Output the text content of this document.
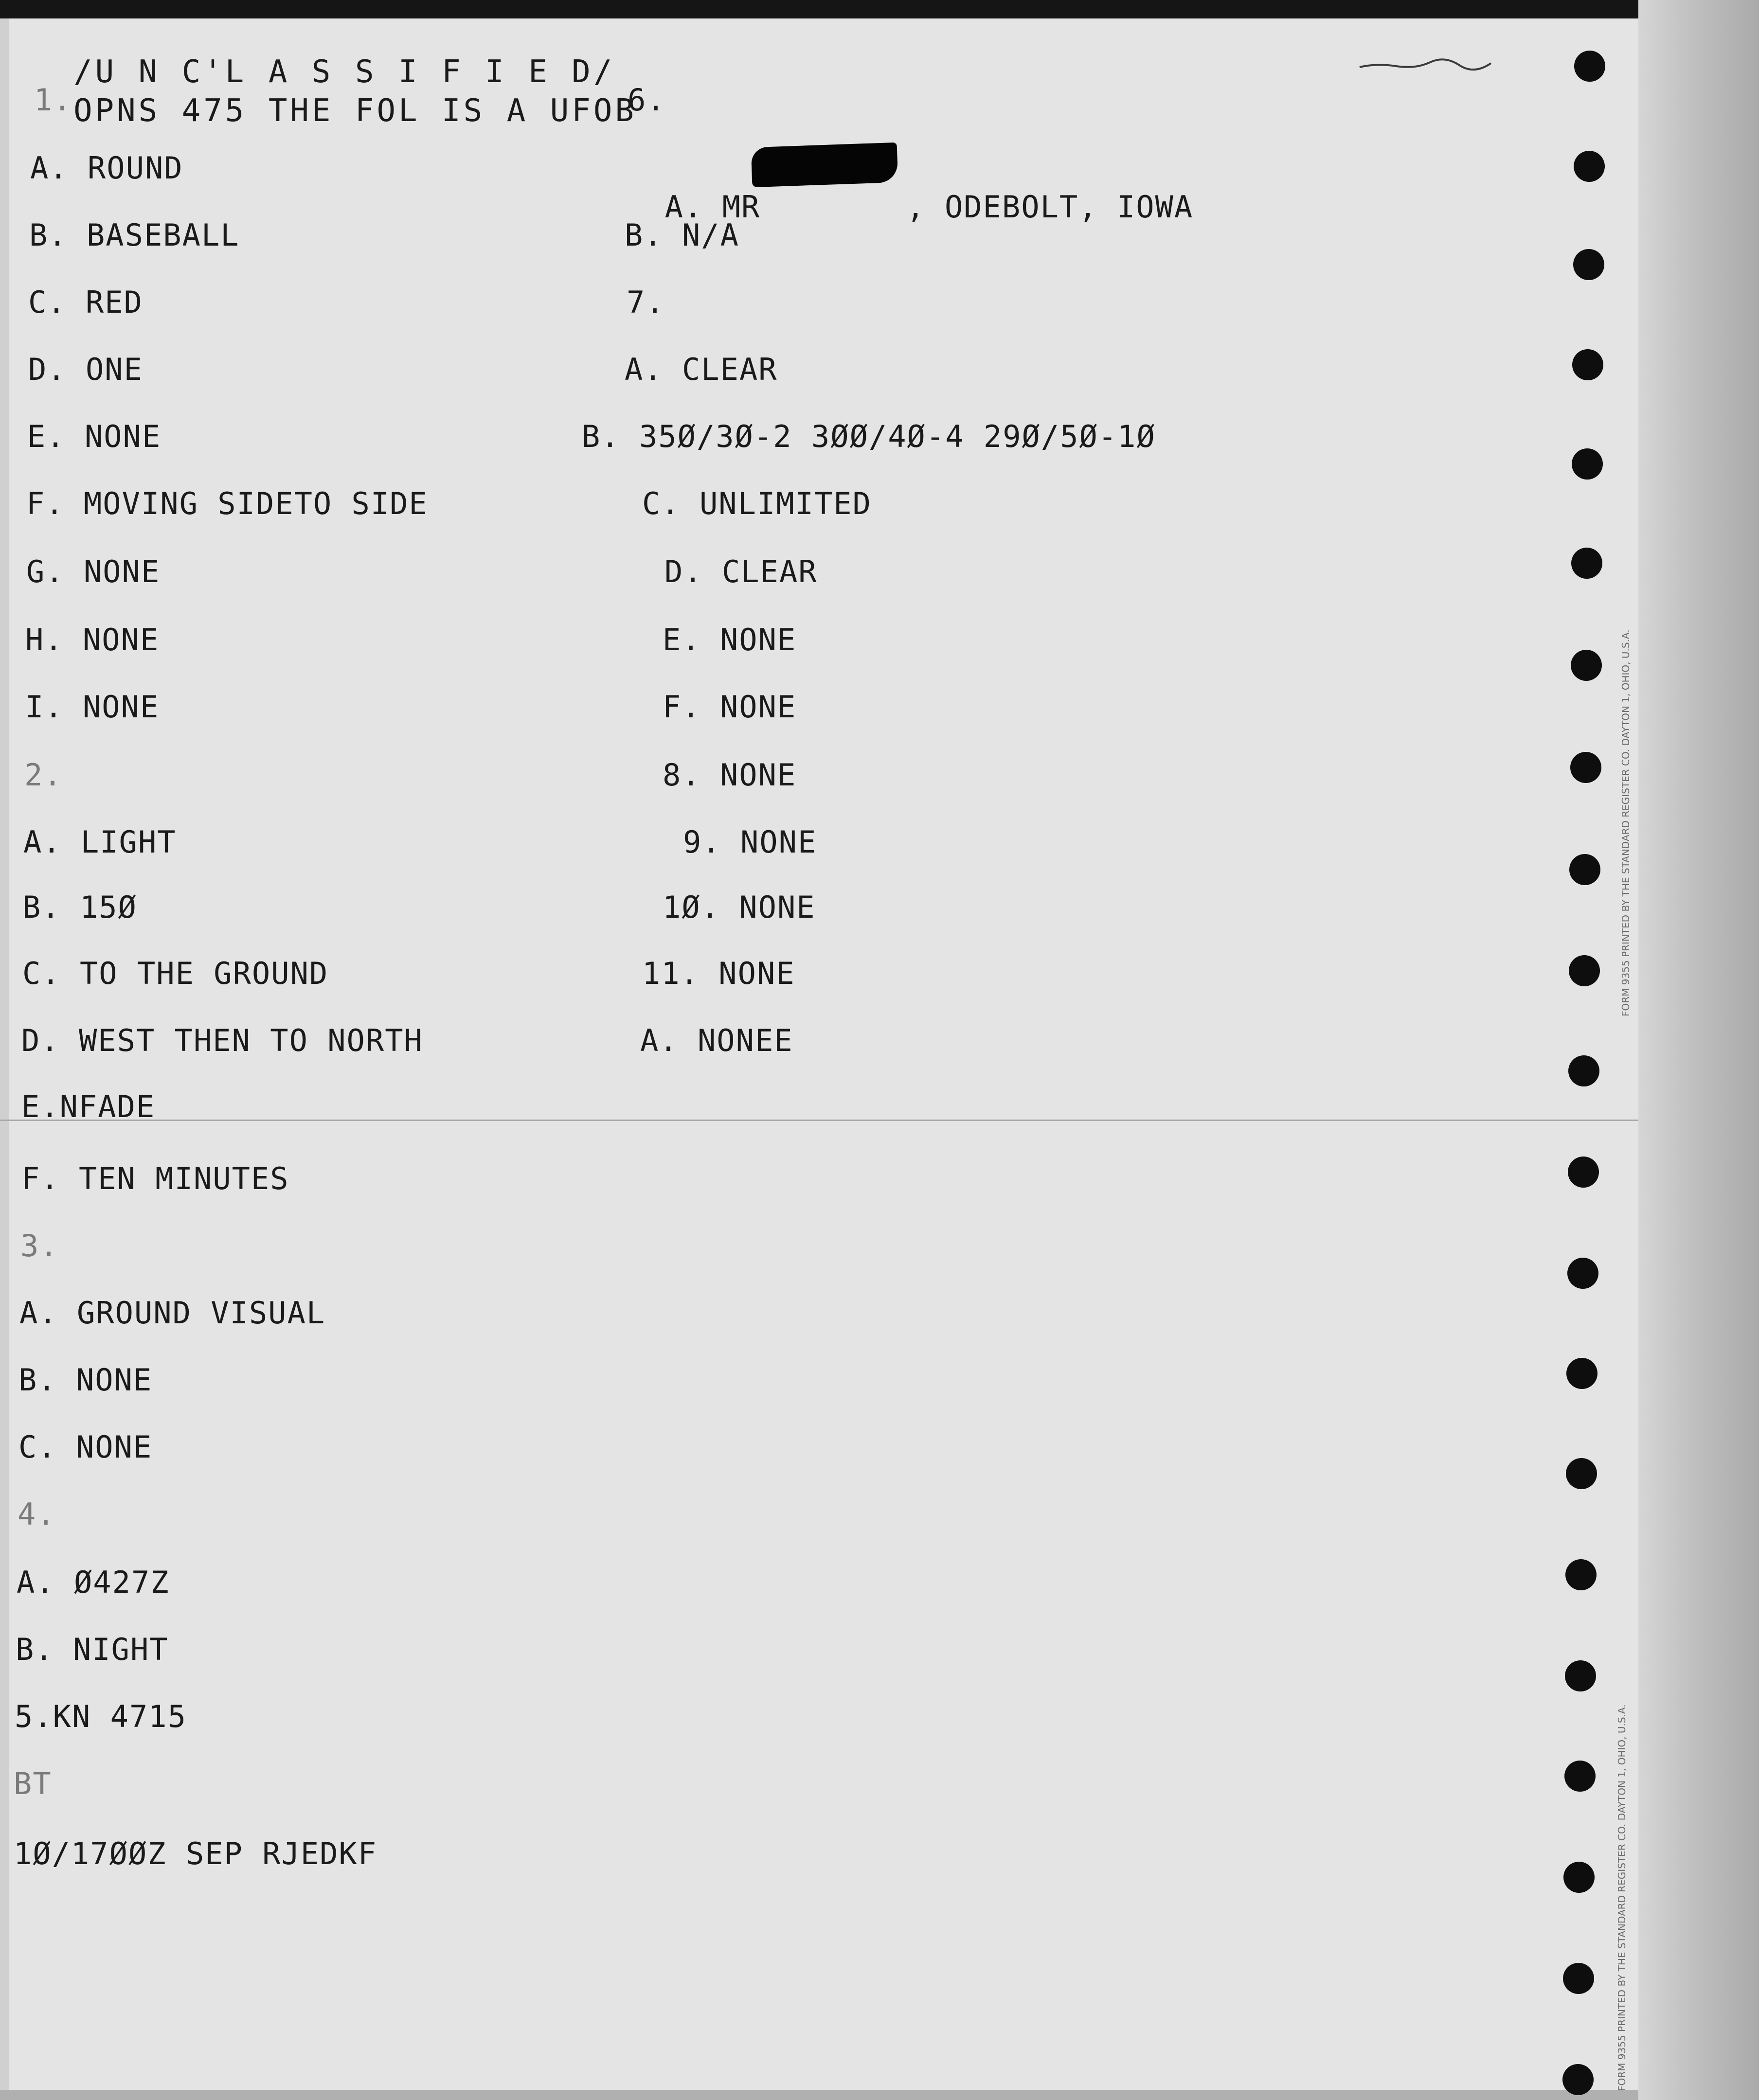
/U N C'L A S S I F I E D/
OPNS 475 THE FOL IS A UFOB

1.
A. ROUND
B. BASEBALL
C. RED
D. ONE
E. NONE
F. MOVING SIDETO SIDE
G. NONE
H. NONE
I. NONE
2.
A. LIGHT
B. 15Ø
C. TO THE GROUND
D. WEST THEN TO NORTH
E.NFADE
F. TEN MINUTES
3.
A. GROUND VISUAL
B. NONE
C. NONE
4.
A. Ø427Z
B. NIGHT
5.KN 4715
BT
1Ø/17ØØZ SEP RJEDKF
6.

A. MR	, ODEBOLT, IOWA

B. N/A
7.
A. CLEAR
B. 35Ø/3Ø-2 3ØØ/4Ø-4 29Ø/5Ø-1Ø
C. UNLIMITED
D. CLEAR
E. NONE
F. NONE
8. NONE
9. NONE
1Ø. NONE
11. NONE
A. NONEE
FORM 9355 PRINTED BY THE STANDARD REGISTER CO. DAYTON 1, OHIO, U.S.A.
FORM 9355 PRINTED BY THE STANDARD REGISTER CO. DAYTON 1, OHIO, U.S.A.
